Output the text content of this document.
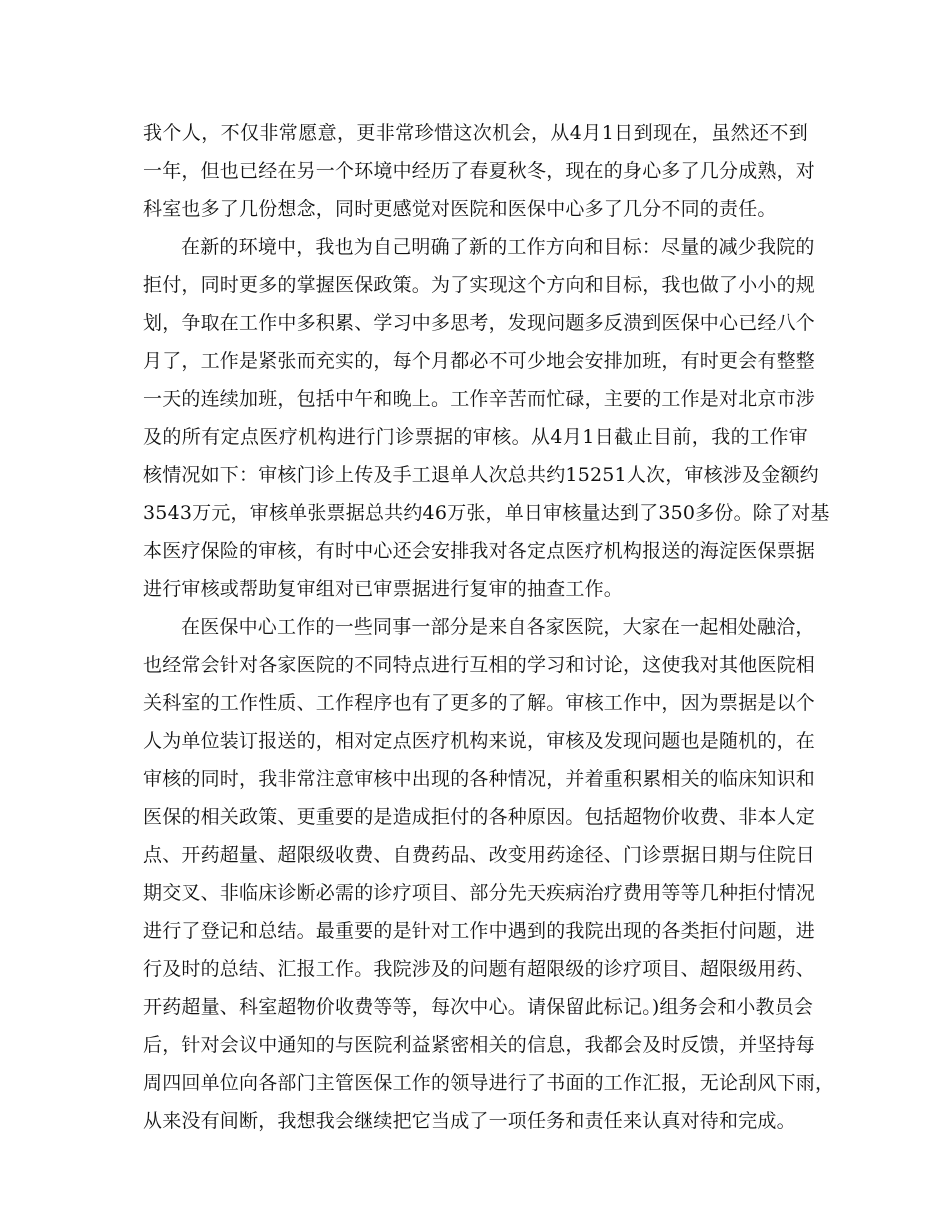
我个人，不仅非常愿意，更非常珍惜这次机会，从4月1日到现在，虽然还不到
一年，但也已经在另一个环境中经历了春夏秋冬，现在的身心多了几分成熟，对
科室也多了几份想念，同时更感觉对医院和医保中心多了几分不同的责任。
在新的环境中，我也为自己明确了新的工作方向和目标：尽量的减少我院的
拒付，同时更多的掌握医保政策。为了实现这个方向和目标，我也做了小小的规
划，争取在工作中多积累、学习中多思考，发现问题多反溃到医保中心已经八个
月了，工作是紧张而充实的，每个月都必不可少地会安排加班，有时更会有整整
一天的连续加班，包括中午和晚上。工作辛苦而忙碌，主要的工作是对北京市涉
及的所有定点医疗机构进行门诊票据的审核。从4月1日截止目前，我的工作审
核情况如下：审核门诊上传及手工退单人次总共约15251人次，审核涉及金额约
3543万元，审核单张票据总共约46万张，单日审核量达到了350多份。除了对基
本医疗保险的审核，有时中心还会安排我对各定点医疗机构报送的海淀医保票据
进行审核或帮助复审组对已审票据进行复审的抽查工作。
在医保中心工作的一些同事一部分是来自各家医院，大家在一起相处融洽，
也经常会针对各家医院的不同特点进行互相的学习和讨论，这使我对其他医院相
关科室的工作性质、工作程序也有了更多的了解。审核工作中，因为票据是以个
人为单位装订报送的，相对定点医疗机构来说，审核及发现问题也是随机的，在
审核的同时，我非常注意审核中出现的各种情况，并着重积累相关的临床知识和
医保的相关政策、更重要的是造成拒付的各种原因。包括超物价收费、非本人定
点、开药超量、超限级收费、自费药品、改变用药途径、门诊票据日期与住院日
期交叉、非临床诊断必需的诊疗项目、部分先天疾病治疗费用等等几种拒付情况
进行了登记和总结。最重要的是针对工作中遇到的我院出现的各类拒付问题，进
行及时的总结、汇报工作。我院涉及的问题有超限级的诊疗项目、超限级用药、
开药超量、科室超物价收费等等，每次中心。请保留此标记。)组务会和小教员会
后，针对会议中通知的与医院利益紧密相关的信息，我都会及时反馈，并坚持每
周四回单位向各部门主管医保工作的领导进行了书面的工作汇报，无论刮风下雨，
从来没有间断，我想我会继续把它当成了一项任务和责任来认真对待和完成。
